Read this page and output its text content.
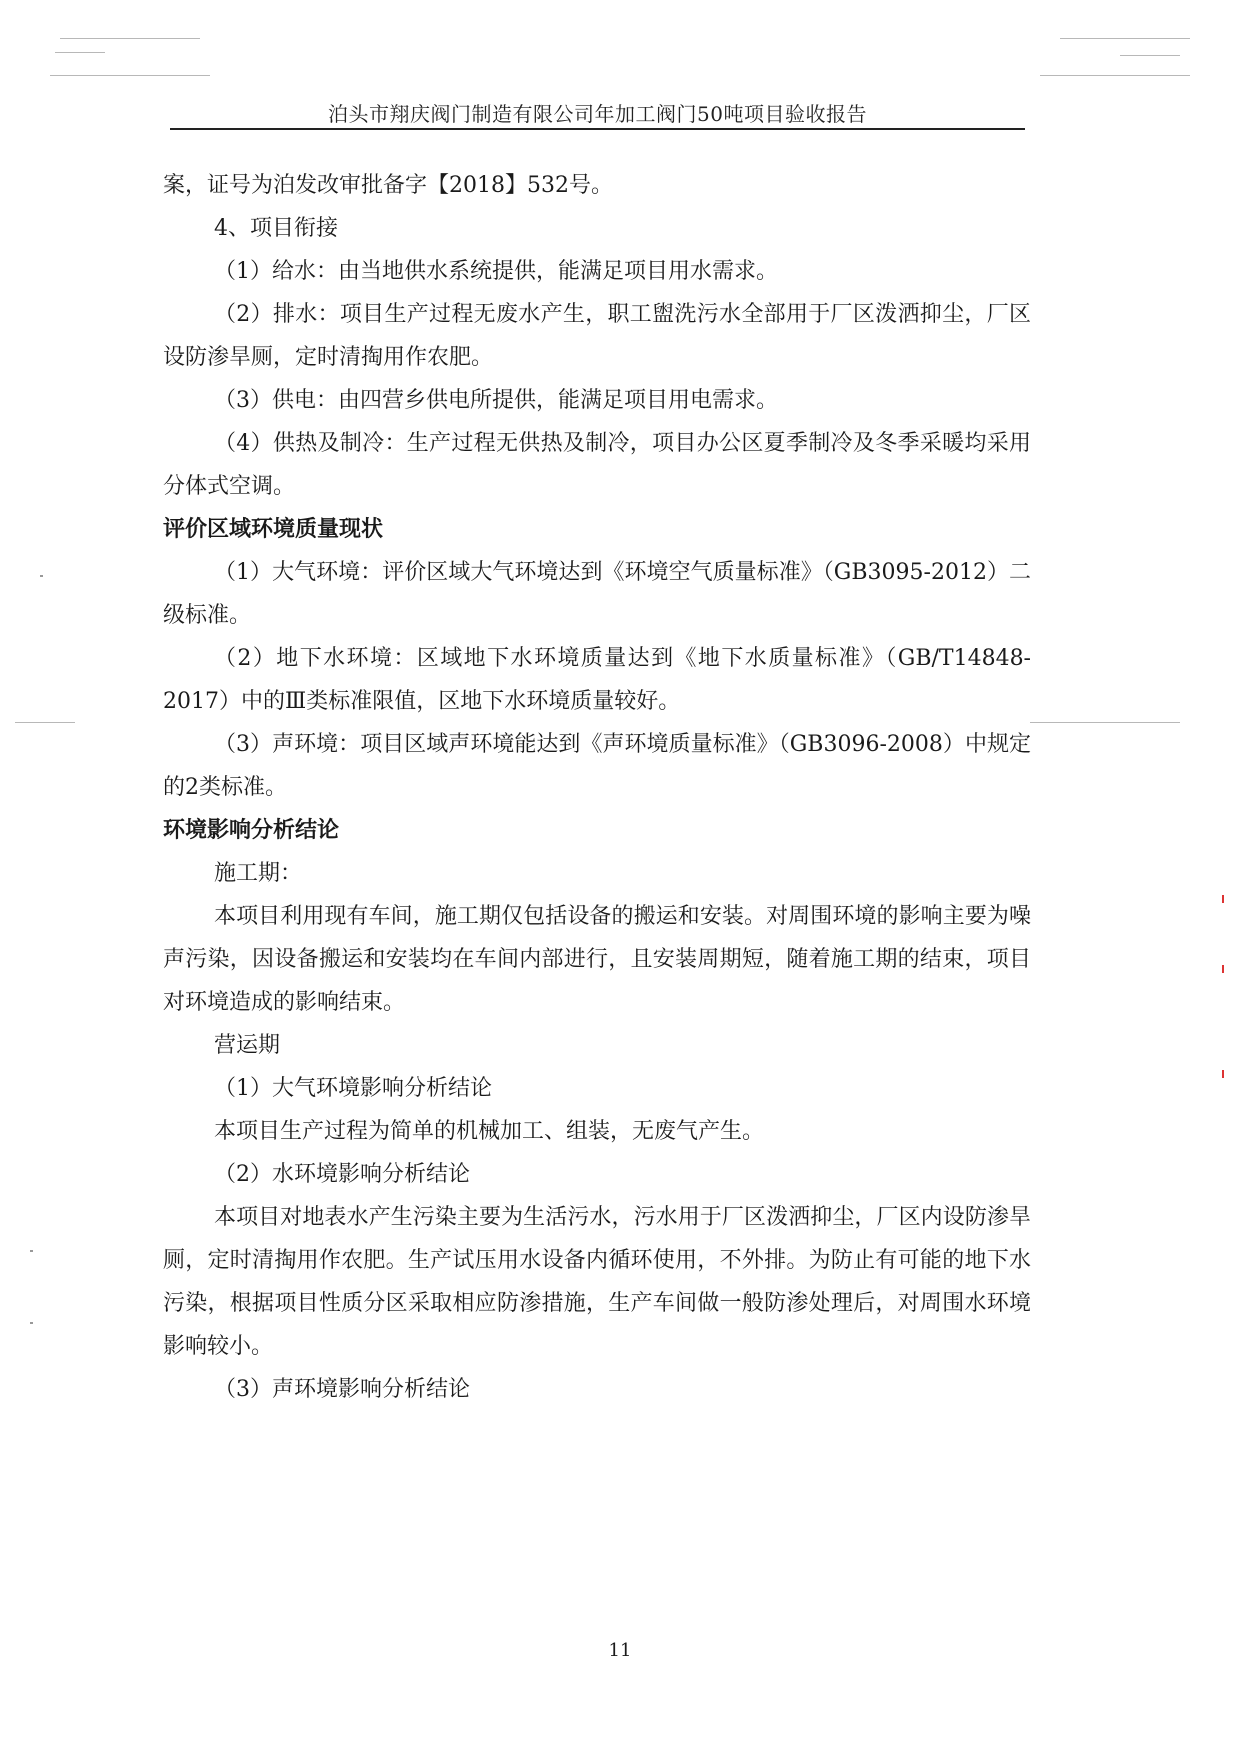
泊头市翔庆阀门制造有限公司年加工阀门50吨项目验收报告

案，证号为泊发改审批备字【2018】532号。

4、项目衔接

（1）给水：由当地供水系统提供，能满足项目用水需求。

（2）排水：项目生产过程无废水产生，职工盥洗污水全部用于厂区泼洒抑尘，厂区设防渗旱厕，定时清掏用作农肥。

（3）供电：由四营乡供电所提供，能满足项目用电需求。

（4）供热及制冷：生产过程无供热及制冷，项目办公区夏季制冷及冬季采暖均采用分体式空调。

评价区域环境质量现状

（1）大气环境：评价区域大气环境达到《环境空气质量标准》（GB3095-2012）二级标准。

（2）地下水环境：区域地下水环境质量达到《地下水质量标准》（GB/T14848-2017）中的Ⅲ类标准限值，区地下水环境质量较好。

（3）声环境：项目区域声环境能达到《声环境质量标准》（GB3096-2008）中规定的2类标准。

环境影响分析结论

施工期：

本项目利用现有车间，施工期仅包括设备的搬运和安装。对周围环境的影响主要为噪声污染，因设备搬运和安装均在车间内部进行，且安装周期短，随着施工期的结束，项目对环境造成的影响结束。

营运期

（1）大气环境影响分析结论

本项目生产过程为简单的机械加工、组装，无废气产生。

（2）水环境影响分析结论

本项目对地表水产生污染主要为生活污水，污水用于厂区泼洒抑尘，厂区内设防渗旱厕，定时清掏用作农肥。生产试压用水设备内循环使用，不外排。为防止有可能的地下水污染，根据项目性质分区采取相应防渗措施，生产车间做一般防渗处理后，对周围水环境影响较小。

（3）声环境影响分析结论

11
